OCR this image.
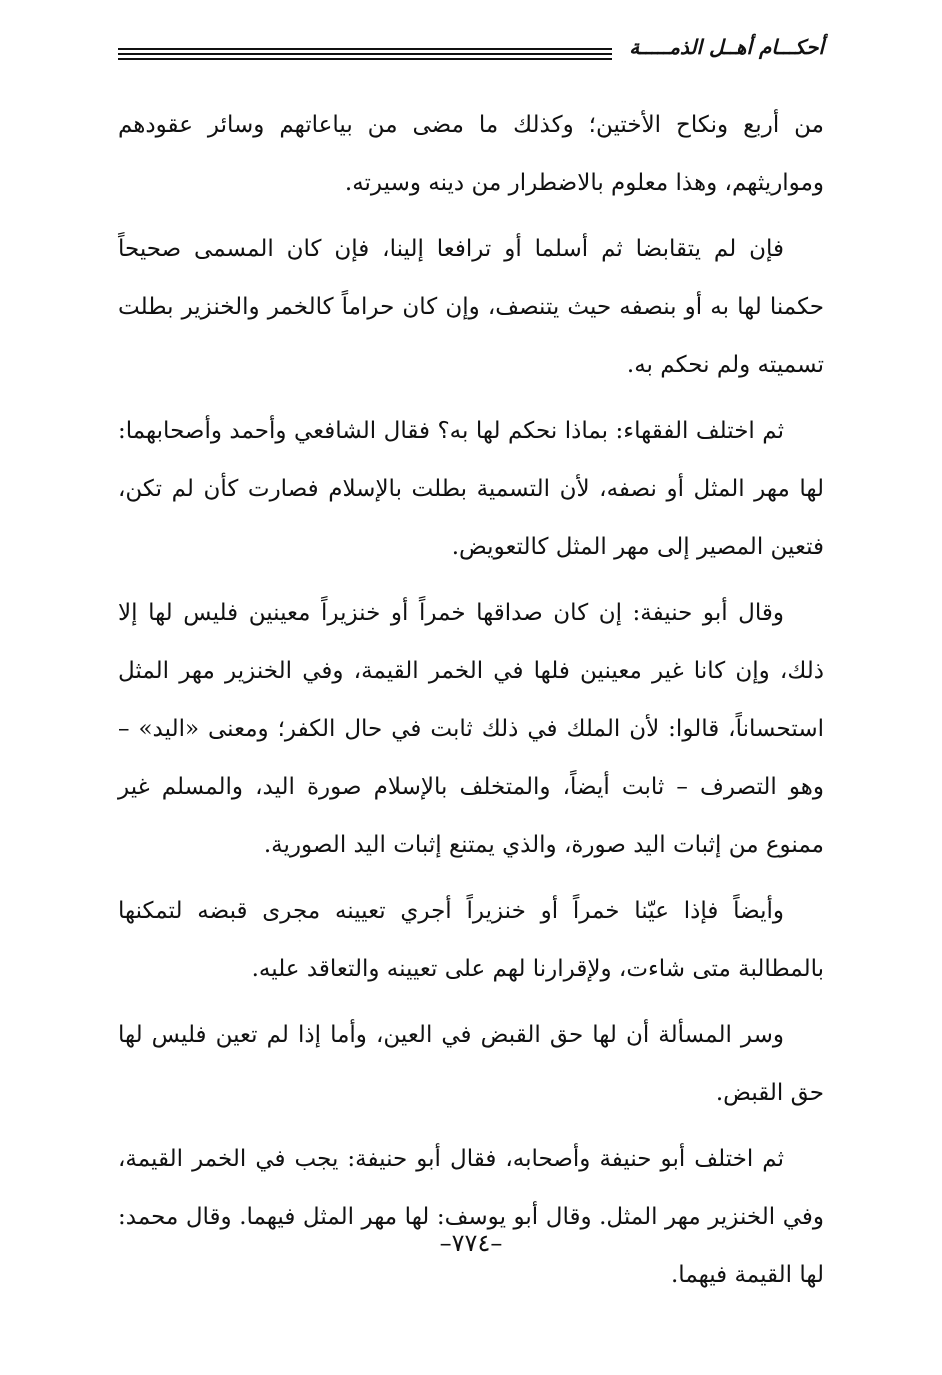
أحكـــام أهــل الذمـــــة

من أربع ونكاح الأختين؛ وكذلك ما مضى من بياعاتهم وسائر عقودهم ومواريثهم، وهذا معلوم بالاضطرار من دينه وسيرته.

فإن لم يتقابضا ثم أسلما أو ترافعا إلينا، فإن كان المسمى صحيحاً حكمنا لها به أو بنصفه حيث يتنصف، وإن كان حراماً كالخمر والخنزير بطلت تسميته ولم نحكم به.

ثم اختلف الفقهاء: بماذا نحكم لها به؟ فقال الشافعي وأحمد وأصحابهما: لها مهر المثل أو نصفه، لأن التسمية بطلت بالإسلام فصارت كأن لم تكن، فتعين المصير إلى مهر المثل كالتعويض.

وقال أبو حنيفة: إن كان صداقها خمراً أو خنزيراً معينين فليس لها إلا ذلك، وإن كانا غير معينين فلها في الخمر القيمة، وفي الخنزير مهر المثل استحساناً، قالوا: لأن الملك في ذلك ثابت في حال الكفر؛ ومعنى «اليد» – وهو التصرف – ثابت أيضاً، والمتخلف بالإسلام صورة اليد، والمسلم غير ممنوع من إثبات اليد صورة، والذي يمتنع إثبات اليد الصورية.

وأيضاً فإذا عيّنا خمراً أو خنزيراً أجري تعيينه مجرى قبضه لتمكنها بالمطالبة متى شاءت، ولإقرارنا لهم على تعيينه والتعاقد عليه.

وسر المسألة أن لها حق القبض في العين، وأما إذا لم تعين فليس لها حق القبض.

ثم اختلف أبو حنيفة وأصحابه، فقال أبو حنيفة: يجب في الخمر القيمة، وفي الخنزير مهر المثل. وقال أبو يوسف: لها مهر المثل فيهما. وقال محمد: لها القيمة فيهما.

–٧٧٤–
